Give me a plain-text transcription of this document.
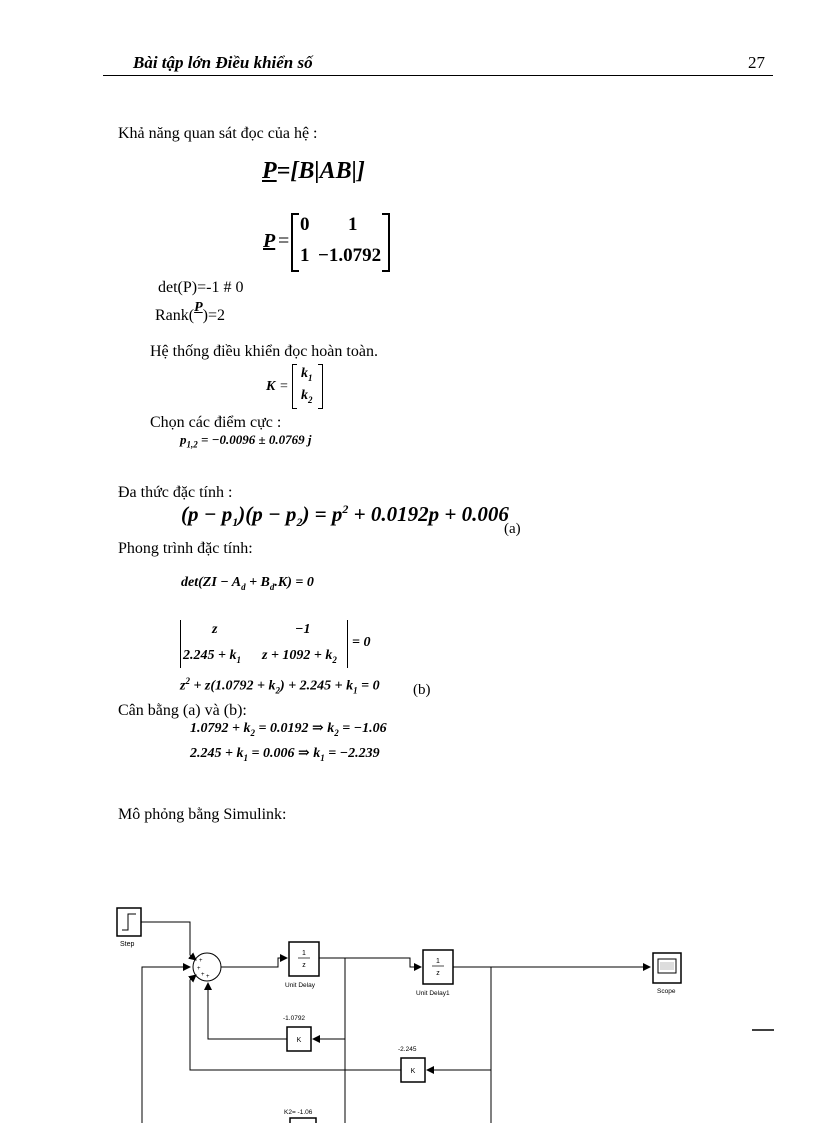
Bài tập lớn Điều khiển số	27
Khả năng quan sát đọc của hệ :
P=[B|AB|]
P =
0 1
1 −1.0792
det(P)=-1 # 0
Rank(P)=2
Hệ thống điều khiển đọc hoàn toàn.
K =
$k_1$
$k_2$
Chọn các điểm cực :
$p_{1,2} = -0.0096 \pm 0.0769$ j
Đa thức đặc tính :
$(p - p_1)(p - p_2) = p^2 + 0.0192p + 0.006$
(a)
Phong trình đặc tính:
$\det(ZI - A_d + B_d.K) = 0$
z	−1
$2.245 + k_1$ $z + 1092 + k_2$
= 0
$z^2 + z(1.0792 + k_2) + 2.245 + k_1 = 0$ (b)
Cân bằng (a) và (b):
$1.0792 + k_2 = 0.0192$ ⇒ $k_2 = -1.06$
$2.245 + k_1 = 0.006$ ⇒ $k_1 = -2.239$
Mô phỏng bằng Simulink:
Step
+
+
+ +
1
z
Unit Delay
1
z
Unit Delay1	Scope
-1.0792
K
-2.245
K
K2= -1.06
